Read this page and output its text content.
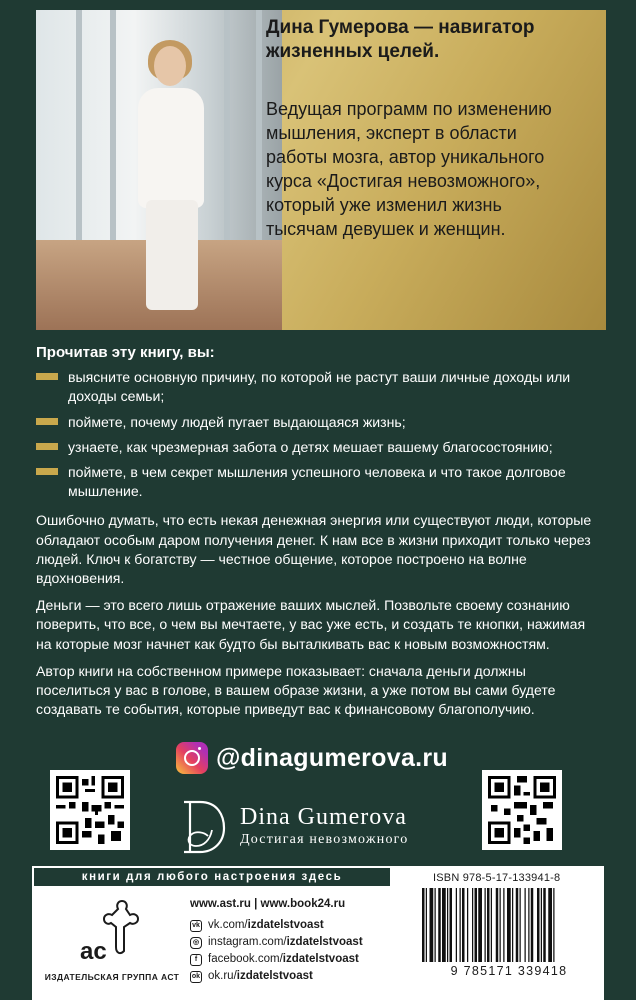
Дина Гумерова — навигатор жизненных целей.
Ведущая программ по изменению мышления, эксперт в области работы мозга, автор уникального курса «Достигая невозможного», который уже изменил жизнь тысячам девушек и женщин.
Прочитав эту книгу, вы:
выясните основную причину, по которой не растут ваши личные доходы или доходы семьи;
поймете, почему людей пугает выдающаяся жизнь;
узнаете, как чрезмерная забота о детях мешает вашему благосостоянию;
поймете, в чем секрет мышления успешного человека и что такое долговое мышление.

Ошибочно думать, что есть некая денежная энергия или существуют люди, которые обладают особым даром получения денег. К нам все в жизни приходит только через людей. Ключ к богатству — честное общение, которое построено на волне вдохновения.

Деньги — это всего лишь отражение ваших мыслей. Позвольте своему сознанию поверить, что все, о чем вы мечтаете, у вас уже есть, и создать те кнопки, нажимая на которые мозг начнет как будто бы выталкивать вас к новым возможностям.

Автор книги на собственном примере показывает: сначала деньги должны поселиться у вас в голове, в вашем образе жизни, а уже потом вы сами будете создавать те события, которые приведут вас к финансовому благополучию.

@dinagumerova.ru
Dina Gumerova
Достигая невозможного
книги для любого настроения здесь
ac
ИЗДАТЕЛЬСКАЯ ГРУППА АСТ
www.ast.ru | www.book24.ru
vk vk.com/ izdatelstvoast
◎ instagram.com/ izdatelstvoast
f facebook.com/ izdatelstvoast
ok ok.ru/ izdatelstvoast
ISBN 978-5-17-133941-8
9 785171 339418
